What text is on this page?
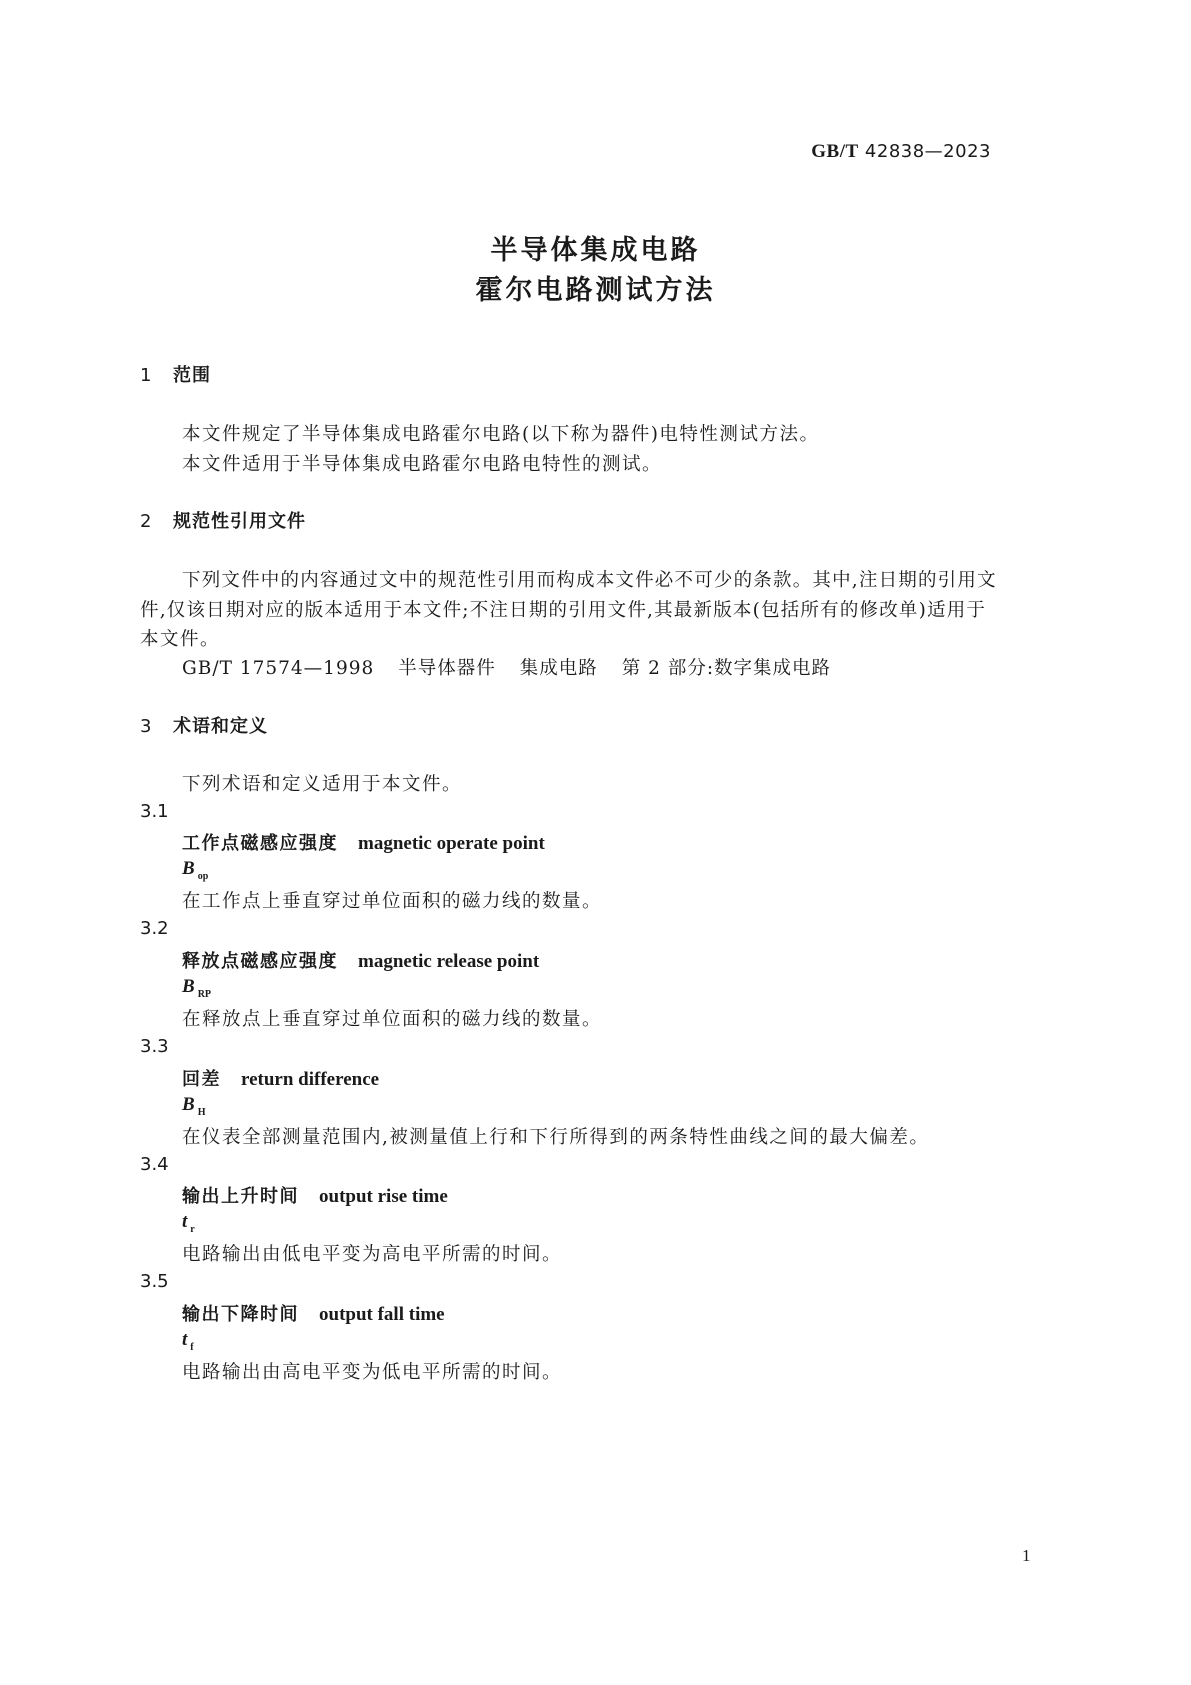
GB/T 42838—2023
半导体集成电路
霍尔电路测试方法
1 范围
本文件规定了半导体集成电路霍尔电路(以下称为器件)电特性测试方法。
本文件适用于半导体集成电路霍尔电路电特性的测试。
2 规范性引用文件
下列文件中的内容通过文中的规范性引用而构成本文件必不可少的条款。其中,注日期的引用文
件,仅该日期对应的版本适用于本文件;不注日期的引用文件,其最新版本(包括所有的修改单)适用于
本文件。
GB/T 17574—1998 半导体器件 集成电路 第 2 部分:数字集成电路
3 术语和定义
下列术语和定义适用于本文件。
3.1
工作点磁感应强度 magnetic operate point
B $_{op}$
在工作点上垂直穿过单位面积的磁力线的数量。
3.2
释放点磁感应强度 magnetic release point
B $_{RP}$
在释放点上垂直穿过单位面积的磁力线的数量。
3.3
回差 return difference
B $_H$
在仪表全部测量范围内,被测量值上行和下行所得到的两条特性曲线之间的最大偏差。
3.4
输出上升时间 output rise time
t $_r$
电路输出由低电平变为高电平所需的时间。
3.5
输出下降时间 output fall time
t $_f$
电路输出由高电平变为低电平所需的时间。
1
